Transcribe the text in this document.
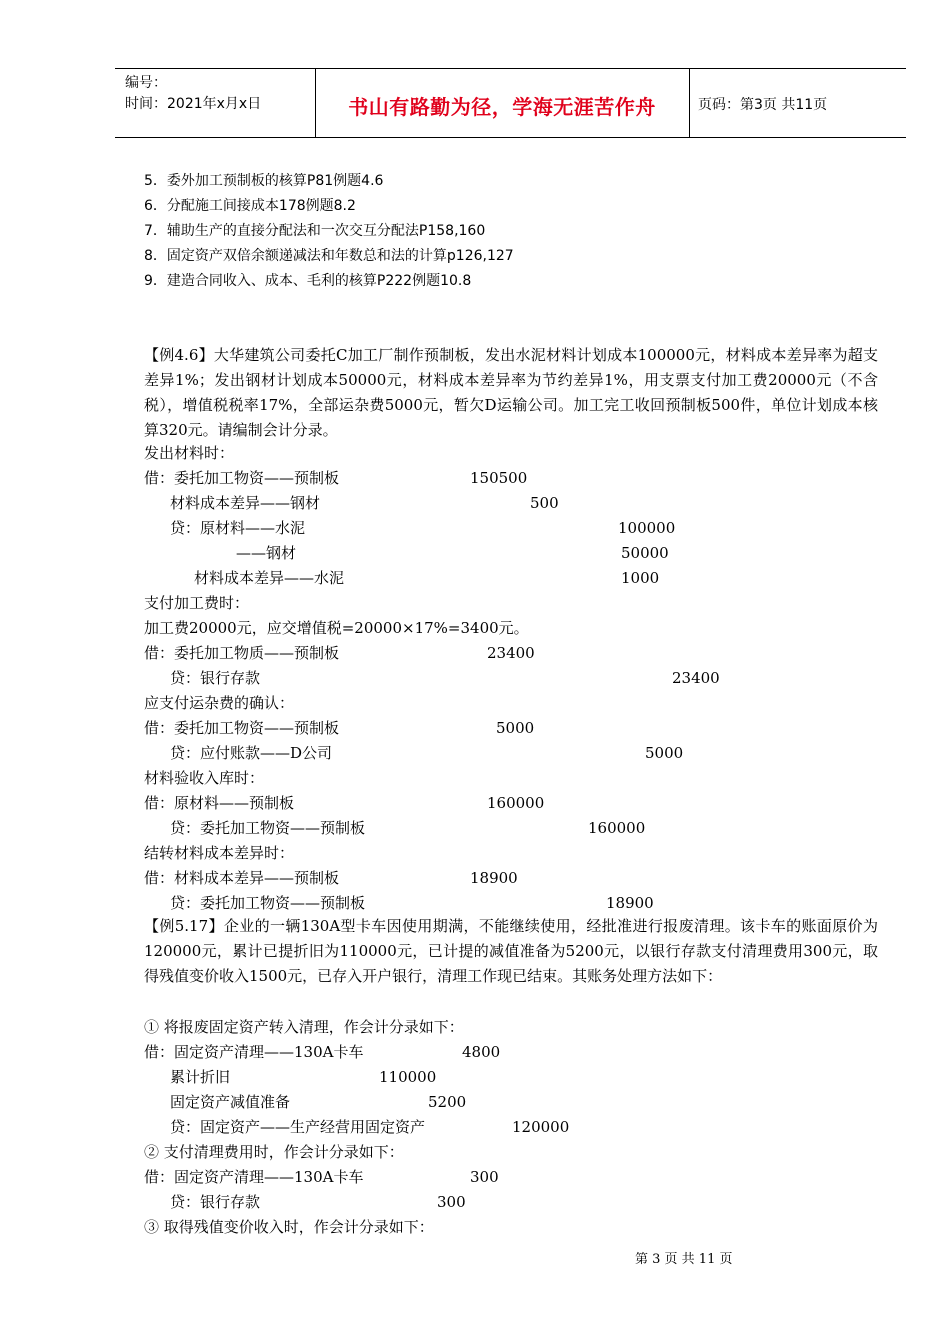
编号：
时间：2021年x月x日	书山有路勤为径，学海无涯苦作舟	页码：第3页 共11页
5．委外加工预制板的核算P81例题4.6
6．分配施工间接成本178例题8.2
7．辅助生产的直接分配法和一次交互分配法P158,160
8．固定资产双倍余额递减法和年数总和法的计算p126,127
9．建造合同收入、成本、毛利的核算P222例题10.8
【例4.6】大华建筑公司委托C加工厂制作预制板，发出水泥材料计划成本100000元，材料成本差异率为超支差异1%；发出钢材计划成本50000元，材料成本差异率为节约差异1%，用支票支付加工费20000元（不含税），增值税税率17%，全部运杂费5000元，暂欠D运输公司。加工完工收回预制板500件，单位计划成本核算320元。请编制会计分录。
发出材料时：
借：委托加工物资——预制板	150500
材料成本差异——钢材	500
贷：原材料——水泥	100000
——钢材	50000
材料成本差异——水泥	1000
支付加工费时：
加工费20000元，应交增值税=20000×17%=3400元。
借：委托加工物质——预制板	23400
贷：银行存款	23400
应支付运杂费的确认：
借：委托加工物资——预制板	5000
贷：应付账款——D公司	5000
材料验收入库时：
借：原材料——预制板	160000
贷：委托加工物资——预制板	160000
结转材料成本差异时：
借：材料成本差异——预制板	18900
贷：委托加工物资——预制板	18900
【例5.17】企业的一辆130A型卡车因使用期满，不能继续使用，经批准进行报废清理。该卡车的账面原价为120000元，累计已提折旧为110000元，已计提的减值准备为5200元，以银行存款支付清理费用300元，取得残值变价收入1500元，已存入开户银行，清理工作现已结束。其账务处理方法如下：
① 将报废固定资产转入清理，作会计分录如下：
借：固定资产清理——130A卡车	4800
累计折旧	110000
固定资产减值准备	5200
贷：固定资产——生产经营用固定资产	120000
② 支付清理费用时，作会计分录如下：
借：固定资产清理——130A卡车	300
贷：银行存款	300
③ 取得残值变价收入时，作会计分录如下：
第 3 页 共 11 页
